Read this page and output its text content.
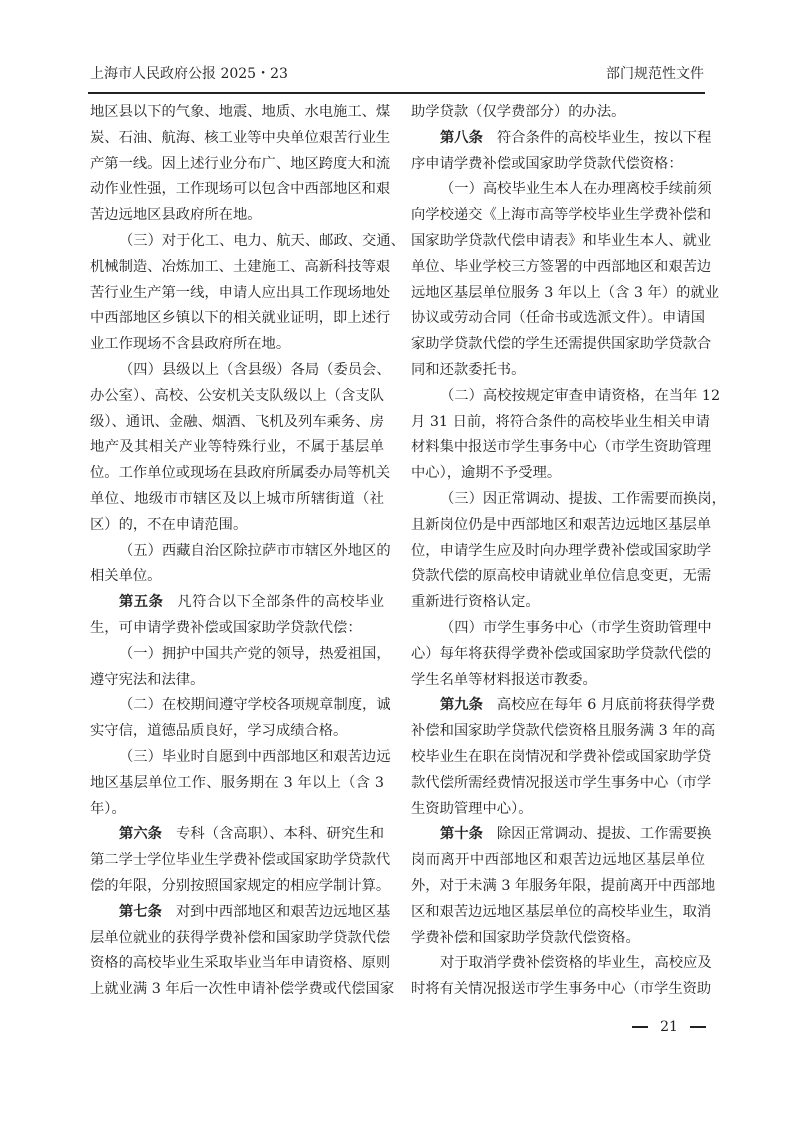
上海市人民政府公报 2025・23	部门规范性文件
地区县以下的气象、地震、地质、水电施工、煤
炭、石油、航海、核工业等中央单位艰苦行业生
产第一线。因上述行业分布广、地区跨度大和流
动作业性强，工作现场可以包含中西部地区和艰
苦边远地区县政府所在地。
（三）对于化工、电力、航天、邮政、交通、
机械制造、冶炼加工、土建施工、高新科技等艰
苦行业生产第一线，申请人应出具工作现场地处
中西部地区乡镇以下的相关就业证明，即上述行
业工作现场不含县政府所在地。
（四）县级以上（含县级）各局（委员会、
办公室）、高校、公安机关支队级以上（含支队
级）、通讯、金融、烟酒、飞机及列车乘务、房
地产及其相关产业等特殊行业，不属于基层单
位。工作单位或现场在县政府所属委办局等机关
单位、地级市市辖区及以上城市所辖街道（社
区）的，不在申请范围。
（五）西藏自治区除拉萨市市辖区外地区的
相关单位。
第五条 凡符合以下全部条件的高校毕业
生，可申请学费补偿或国家助学贷款代偿：
（一）拥护中国共产党的领导，热爱祖国，
遵守宪法和法律。
（二）在校期间遵守学校各项规章制度，诚
实守信，道德品质良好，学习成绩合格。
（三）毕业时自愿到中西部地区和艰苦边远
地区基层单位工作、服务期在 3 年以上（含 3
年）。
第六条 专科（含高职）、本科、研究生和
第二学士学位毕业生学费补偿或国家助学贷款代
偿的年限，分别按照国家规定的相应学制计算。
第七条 对到中西部地区和艰苦边远地区基
层单位就业的获得学费补偿和国家助学贷款代偿
资格的高校毕业生采取毕业当年申请资格、原则
上就业满 3 年后一次性申请补偿学费或代偿国家
助学贷款（仅学费部分）的办法。
第八条 符合条件的高校毕业生，按以下程
序申请学费补偿或国家助学贷款代偿资格：
（一）高校毕业生本人在办理离校手续前须
向学校递交《上海市高等学校毕业生学费补偿和
国家助学贷款代偿申请表》和毕业生本人、就业
单位、毕业学校三方签署的中西部地区和艰苦边
远地区基层单位服务 3 年以上（含 3 年）的就业
协议或劳动合同（任命书或选派文件）。申请国
家助学贷款代偿的学生还需提供国家助学贷款合
同和还款委托书。
（二）高校按规定审查申请资格，在当年 12
月 31 日前，将符合条件的高校毕业生相关申请
材料集中报送市学生事务中心（市学生资助管理
中心），逾期不予受理。
（三）因正常调动、提拔、工作需要而换岗，
且新岗位仍是中西部地区和艰苦边远地区基层单
位，申请学生应及时向办理学费补偿或国家助学
贷款代偿的原高校申请就业单位信息变更，无需
重新进行资格认定。
（四）市学生事务中心（市学生资助管理中
心）每年将获得学费补偿或国家助学贷款代偿的
学生名单等材料报送市教委。
第九条 高校应在每年 6 月底前将获得学费
补偿和国家助学贷款代偿资格且服务满 3 年的高
校毕业生在职在岗情况和学费补偿或国家助学贷
款代偿所需经费情况报送市学生事务中心（市学
生资助管理中心）。
第十条 除因正常调动、提拔、工作需要换
岗而离开中西部地区和艰苦边远地区基层单位
外，对于未满 3 年服务年限，提前离开中西部地
区和艰苦边远地区基层单位的高校毕业生，取消
学费补偿和国家助学贷款代偿资格。
对于取消学费补偿资格的毕业生，高校应及
时将有关情况报送市学生事务中心（市学生资助
21
